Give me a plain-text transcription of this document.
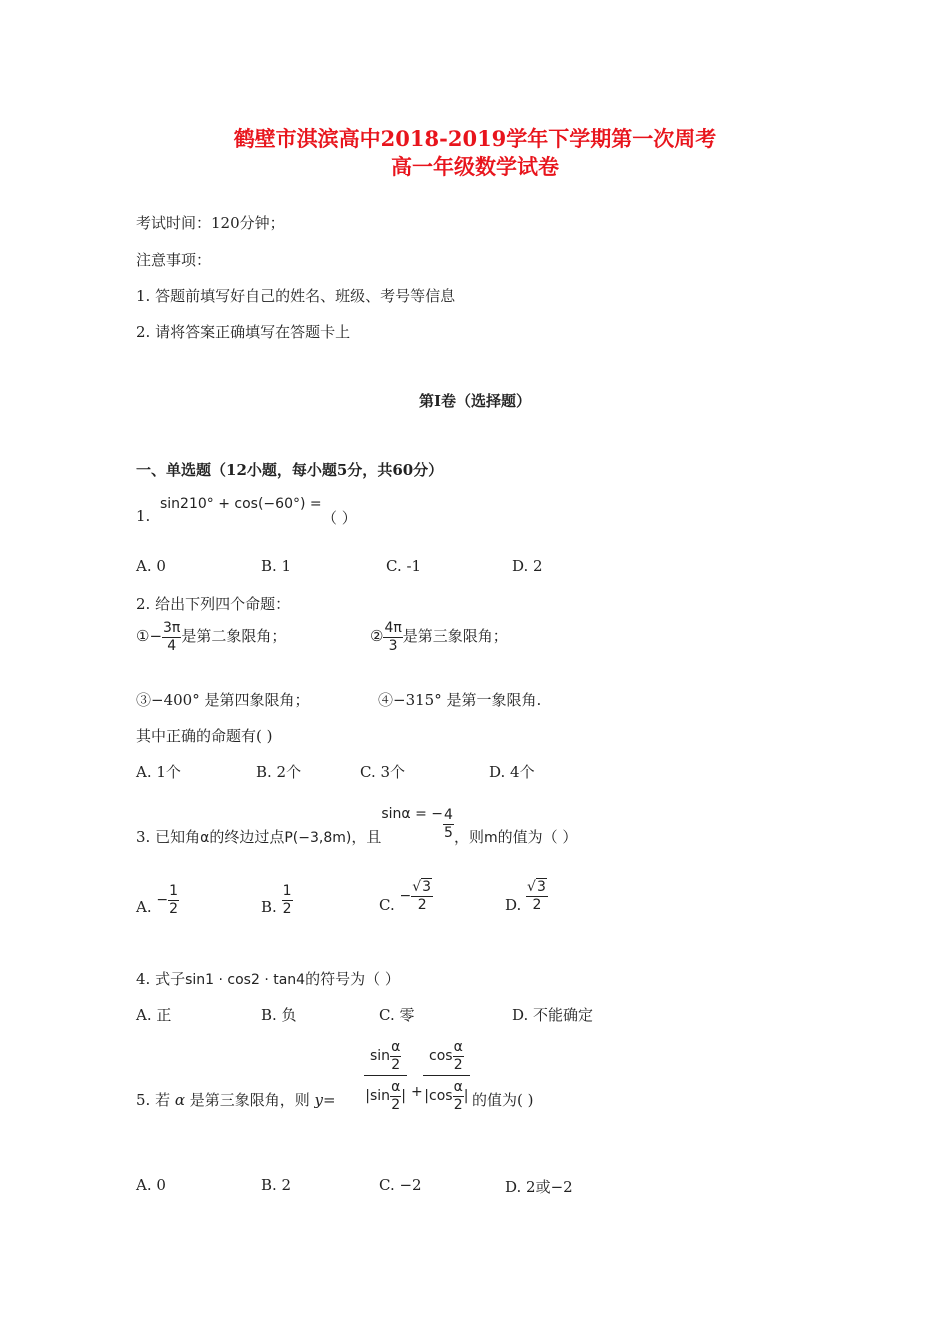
鹤壁市淇滨高中2018-2019学年下学期第一次周考
高一年级数学试卷
考试时间：120分钟；
注意事项：
1. 答题前填写好自己的姓名、班级、考号等信息
2. 请将答案正确填写在答题卡上
第Ⅰ卷（选择题）
一、单选题（12小题，每小题5分，共60分）
1.
sin210° + cos(−60°) =
（ ）
A. 0	B. 1	C. -1	D. 2
2. 给出下列四个命题：
①− $\frac{3\pi}{4}$ 是第二象限角；	② $\frac{4\pi}{3}$ 是第三象限角；
③−400° 是第四象限角；	④−315° 是第一象限角.
其中正确的命题有( )
A. 1个	B. 2个	C. 3个	D. 4个
3. 已知角α的终边过点P(−3,8m)，且sinα = − $\frac{4}{5}$ ，则m的值为（ ）
A. − $\frac{1}{2}$	B. $\frac{1}{2}$	C. − $\frac{√3}{2}$	D. $\frac{√3}{2}$
4. 式子sin1 · cos2 · tan4的符号为（ ）
A. 正	B. 负	C. 零	D. 不能确定
5. 若 α 是第三象限角，则 $y= \frac{\sin \frac{\alpha}{2}}{|\sin \frac{\alpha}{2} |} + \frac{\cos \frac{\alpha}{2}}{|\cos \frac{\alpha}{2} |}$ 的值为( )
A. 0	B. 2	C. −2	D. 2或−2
